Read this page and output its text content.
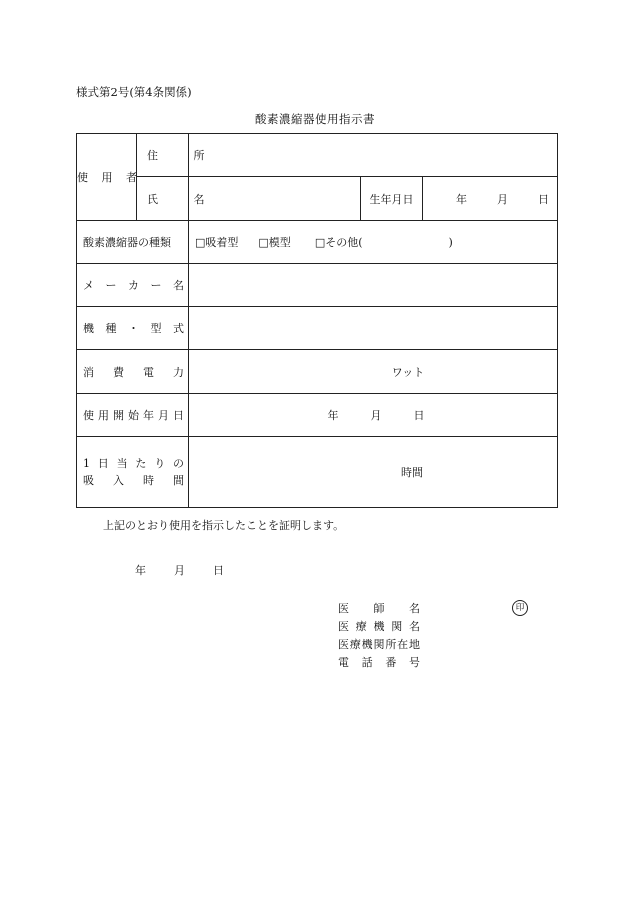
様式第2号(第4条関係)
酸素濃縮器使用指示書
使 用 者	住 所			
	氏 名		生年月日	年 月 日
酸素濃縮器の種類		□吸着型 □模型 □その他( )		

メ ー カ ー 名				

機 種 ・ 型 式				

消 費 電 力		ワット		

使用開始年月日		年 月 日		

1日当たりの
吸入時間		時間		
上記のとおり使用を指示したことを証明します。
年	月	日
医 師 名
医療機関名
医療機関所在地
電話番号
印
